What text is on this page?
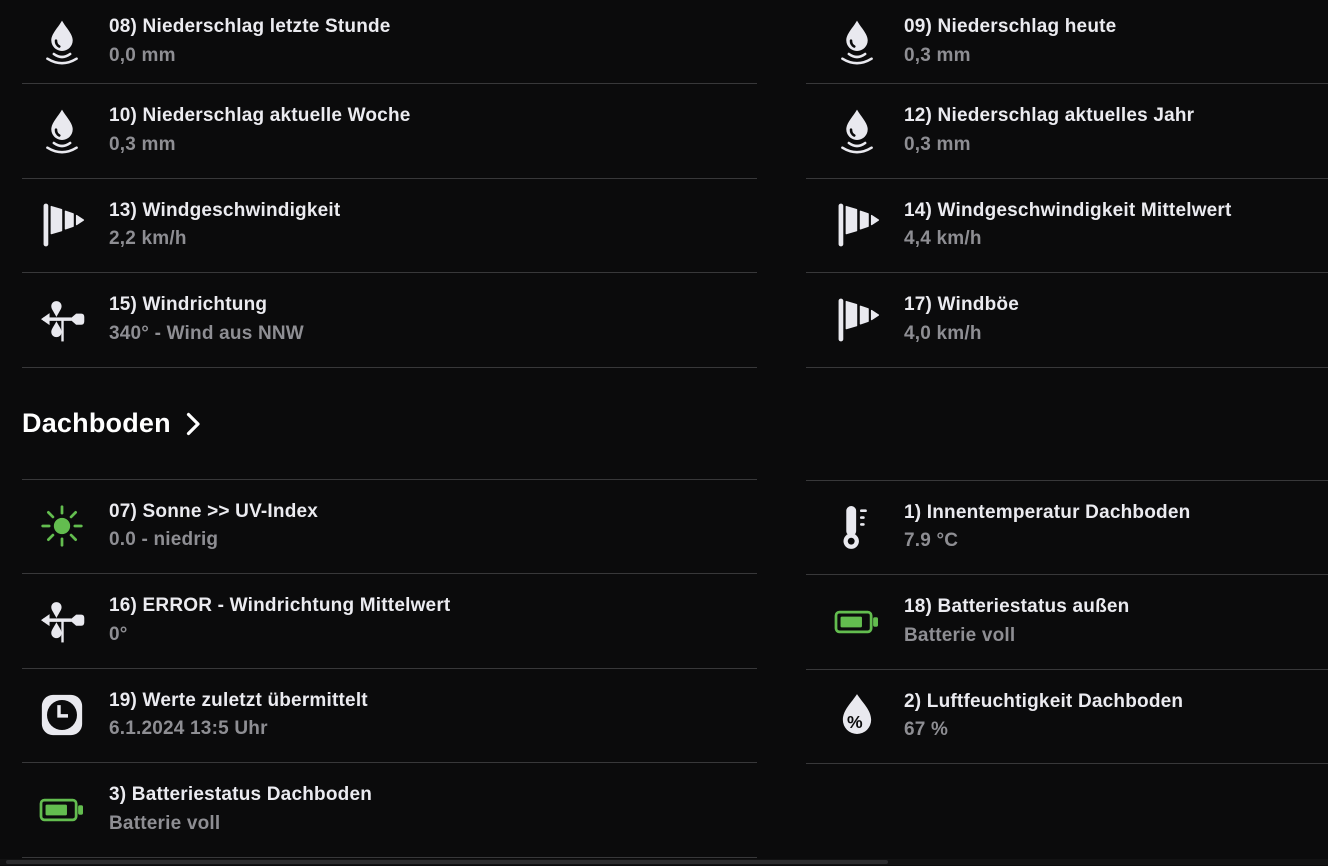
08) Niederschlag letzte Stunde
0,0 mm
10) Niederschlag aktuelle Woche
0,3 mm
13) Windgeschwindigkeit
2,2 km/h
15) Windrichtung
340° - Wind aus NNW
Dachboden
07) Sonne >> UV-Index
0.0 - niedrig
16) ERROR - Windrichtung Mittelwert
0°
19) Werte zuletzt übermittelt
6.1.2024 13:5 Uhr
3) Batteriestatus Dachboden
Batterie voll
09) Niederschlag heute
0,3 mm
12) Niederschlag aktuelles Jahr
0,3 mm
14) Windgeschwindigkeit Mittelwert
4,4 km/h
17) Windböe
4,0 km/h
1) Innentemperatur Dachboden
7.9 °C
18) Batteriestatus außen
Batterie voll
2) Luftfeuchtigkeit Dachboden
67 %
